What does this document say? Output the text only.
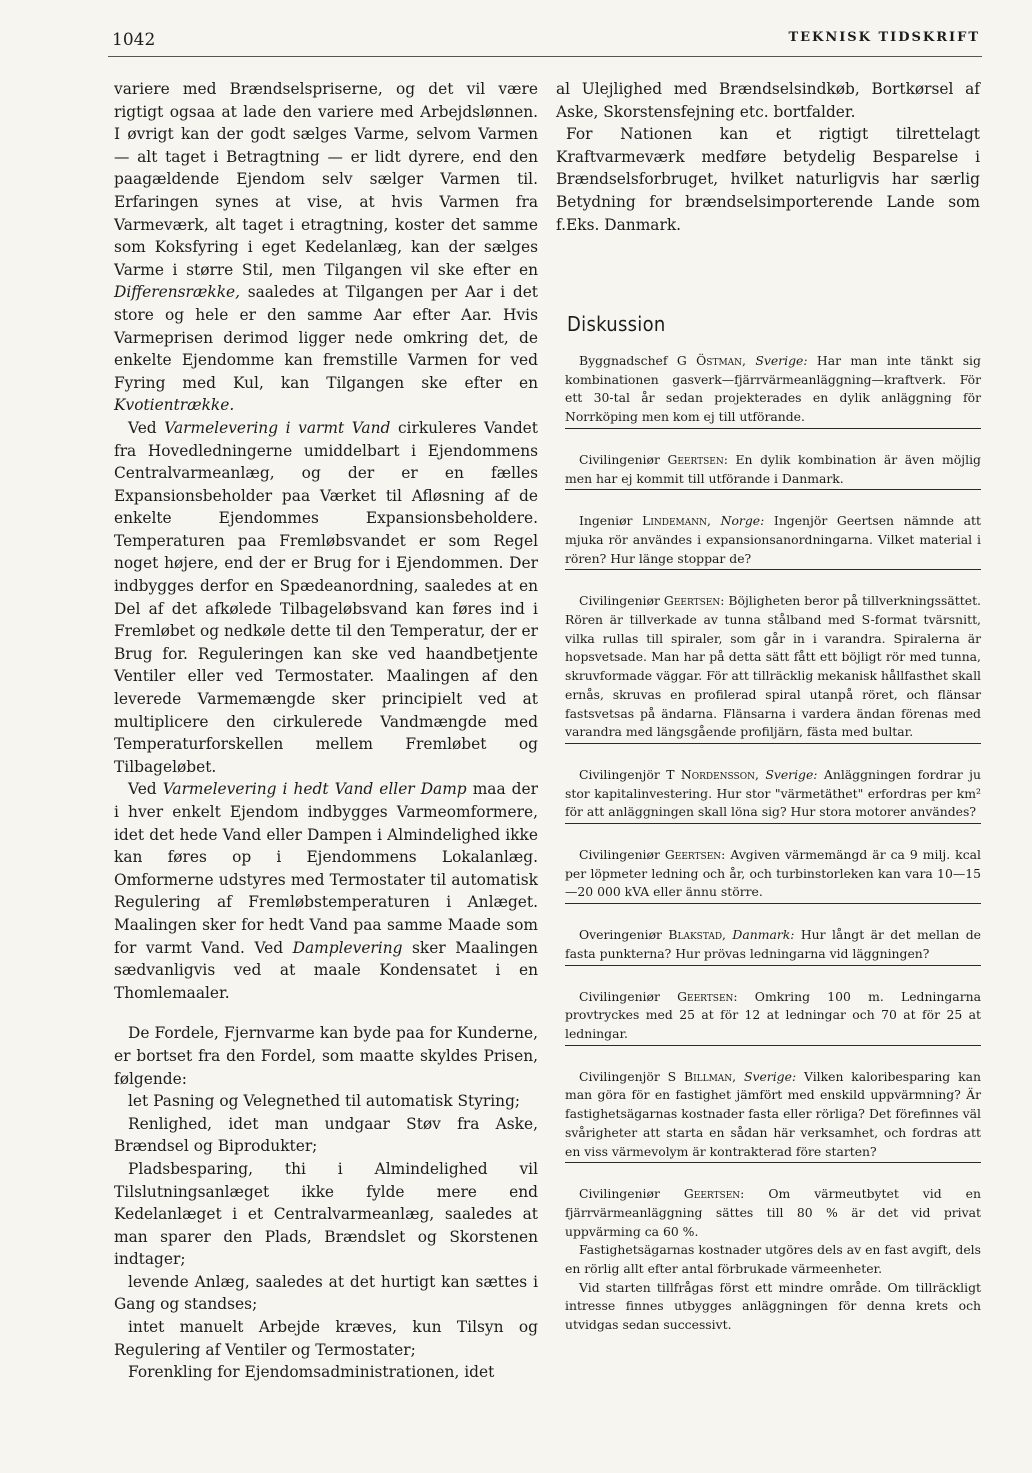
1042	TEKNISK TIDSKRIFT

variere med Brændselspriserne, og det vil være rigtigt ogsaa at lade den variere med Arbejdslønnen. I øvrigt kan der godt sælges Varme, selvom Varmen — alt taget i Betragtning — er lidt dyrere, end den paagældende Ejendom selv sælger Varmen til. Erfaringen synes at vise, at hvis Varmen fra Varmeværk, alt taget i etragtning, koster det samme som Koksfyring i eget Kedelanlæg, kan der sælges Varme i større Stil, men Tilgangen vil ske efter en Differensrække, saaledes at Tilgangen per Aar i det store og hele er den samme Aar efter Aar. Hvis Varmeprisen derimod ligger nede omkring det, de enkelte Ejendomme kan fremstille Varmen for ved Fyring med Kul, kan Tilgangen ske efter en Kvotientrække.

Ved Varmelevering i varmt Vand cirkuleres Vandet fra Hovedledningerne umiddelbart i Ejendommens Centralvarmeanlæg, og der er en fælles Expansionsbeholder paa Værket til Afløsning af de enkelte Ejendommes Expansionsbeholdere. Temperaturen paa Fremløbsvandet er som Regel noget højere, end der er Brug for i Ejendommen. Der indbygges derfor en Spædeanordning, saaledes at en Del af det afkølede Tilbageløbsvand kan føres ind i Fremløbet og nedkøle dette til den Temperatur, der er Brug for. Reguleringen kan ske ved haandbetjente Ventiler eller ved Termostater. Maalingen af den leverede Varmemængde sker principielt ved at multiplicere den cirkulerede Vandmængde med Temperaturforskellen mellem Fremløbet og Tilbageløbet.

Ved Varmelevering i hedt Vand eller Damp maa der i hver enkelt Ejendom indbygges Varmeomformere, idet det hede Vand eller Dampen i Almindelighed ikke kan føres op i Ejendommens Lokalanlæg. Omformerne udstyres med Termostater til automatisk Regulering af Fremløbstemperaturen i Anlæget. Maalingen sker for hedt Vand paa samme Maade som for varmt Vand. Ved Damplevering sker Maalingen sædvanligvis ved at maale Kondensatet i en Thomlemaaler.

De Fordele, Fjernvarme kan byde paa for Kunderne, er bortset fra den Fordel, som maatte skyldes Prisen, følgende:

let Pasning og Velegnethed til automatisk Styring;

Renlighed, idet man undgaar Støv fra Aske, Brændsel og Biprodukter;

Pladsbesparing, thi i Almindelighed vil Tilslutningsanlæget ikke fylde mere end Kedelanlæget i et Centralvarmeanlæg, saaledes at man sparer den Plads, Brændslet og Skorstenen indtager;

levende Anlæg, saaledes at det hurtigt kan sættes i Gang og standses;

intet manuelt Arbejde kræves, kun Tilsyn og Regulering af Ventiler og Termostater;

Forenkling for Ejendomsadministrationen, idet

al Ulejlighed med Brændselsindkøb, Bortkørsel af Aske, Skorstensfejning etc. bortfalder.

For Nationen kan et rigtigt tilrettelagt Kraftvarmeværk medføre betydelig Besparelse i Brændselsforbruget, hvilket naturligvis har særlig Betydning for brændselsimporterende Lande som f.Eks. Danmark.

Diskussion

Byggnadschef G Östman, Sverige: Har man inte tänkt sig kombinationen gasverk—fjärrvärmeanläggning—kraftverk. För ett 30-tal år sedan projekterades en dylik anläggning för Norrköping men kom ej till utförande.

Civilingeniør Geertsen: En dylik kombination är även möjlig men har ej kommit till utförande i Danmark.

Ingeniør Lindemann, Norge: Ingenjör Geertsen nämnde att mjuka rör användes i expansionsanordningarna. Vilket material i rören? Hur länge stoppar de?

Civilingeniør Geertsen: Böjligheten beror på tillverkningssättet. Rören är tillverkade av tunna stålband med S-format tvärsnitt, vilka rullas till spiraler, som går in i varandra. Spiralerna är hopsvetsade. Man har på detta sätt fått ett böjligt rör med tunna, skruvformade väggar. För att tillräcklig mekanisk hållfasthet skall ernås, skruvas en profilerad spiral utanpå röret, och flänsar fastsvetsas på ändarna. Flänsarna i vardera ändan förenas med varandra med längsgående profiljärn, fästa med bultar.

Civilingenjör T Nordensson, Sverige: Anläggningen fordrar ju stor kapitalinvestering. Hur stor "värmetäthet" erfordras per km² för att anläggningen skall löna sig? Hur stora motorer användes?

Civilingeniør Geertsen: Avgiven värmemängd är ca 9 milj. kcal per löpmeter ledning och år, och turbinstorleken kan vara 10—15—20 000 kVA eller ännu större.

Overingeniør Blakstad, Danmark: Hur långt är det mellan de fasta punkterna? Hur prövas ledningarna vid läggningen?

Civilingeniør Geertsen: Omkring 100 m. Ledningarna provtryckes med 25 at för 12 at ledningar och 70 at för 25 at ledningar.

Civilingenjör S Billman, Sverige: Vilken kaloribesparing kan man göra för en fastighet jämfört med enskild uppvärmning? Är fastighetsägarnas kostnader fasta eller rörliga? Det förefinnes väl svårigheter att starta en sådan här verksamhet, och fordras att en viss värmevolym är kontrakterad före starten?

Civilingeniør Geertsen: Om värmeutbytet vid en fjärrvärmeanläggning sättes till 80 % är det vid privat uppvärming ca 60 %.

Fastighetsägarnas kostnader utgöres dels av en fast avgift, dels en rörlig allt efter antal förbrukade värmeenheter.

Vid starten tillfrågas först ett mindre område. Om tillräckligt intresse finnes utbygges anläggningen för denna krets och utvidgas sedan successivt.
